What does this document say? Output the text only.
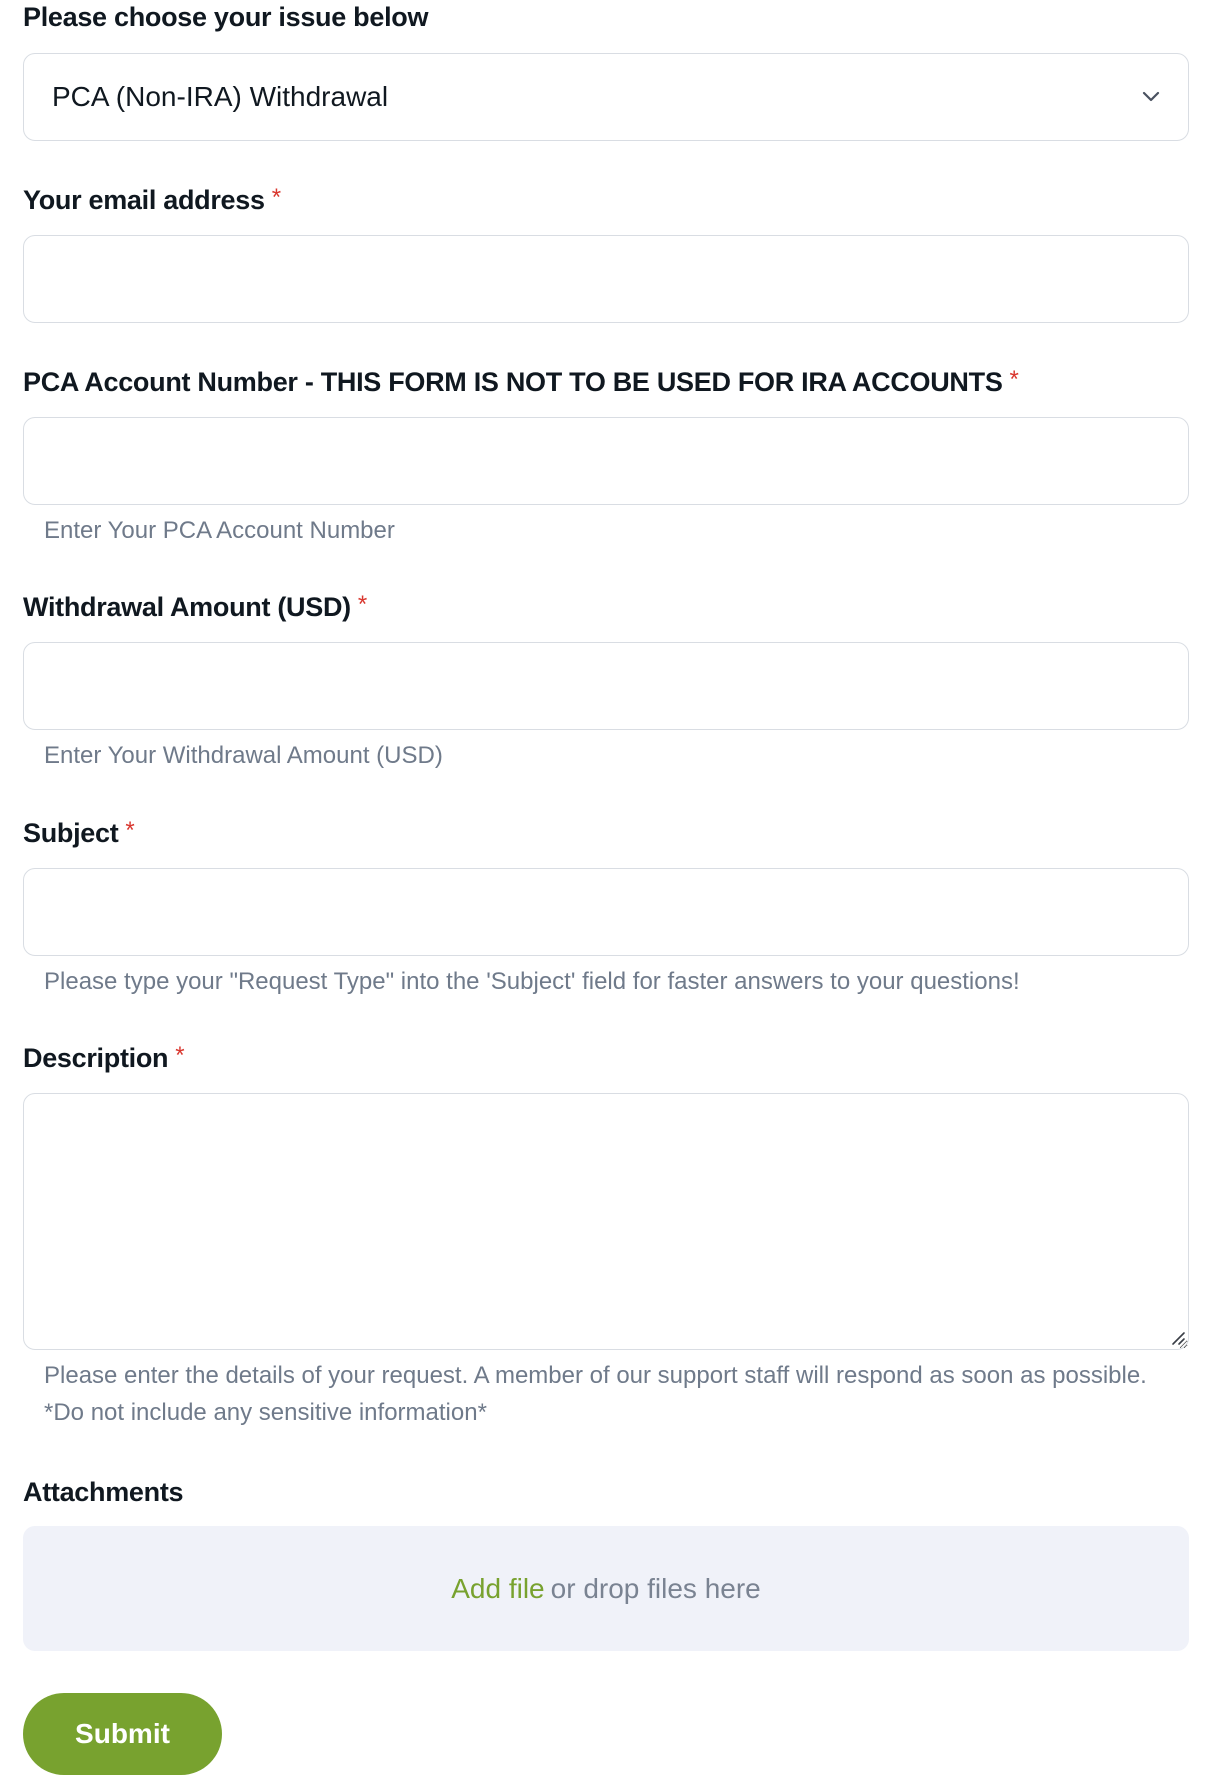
Please choose your issue below
PCA (Non-IRA) Withdrawal
Your email address *
PCA Account Number - THIS FORM IS NOT TO BE USED FOR IRA ACCOUNTS *
Enter Your PCA Account Number
Withdrawal Amount (USD) *
Enter Your Withdrawal Amount (USD)
Subject *
Please type your "Request Type" into the 'Subject' field for faster answers to your questions!
Description *
Please enter the details of your request. A member of our support staff will respond as soon as possible.
*Do not include any sensitive information*
Attachments
Add file or drop files here
Submit
